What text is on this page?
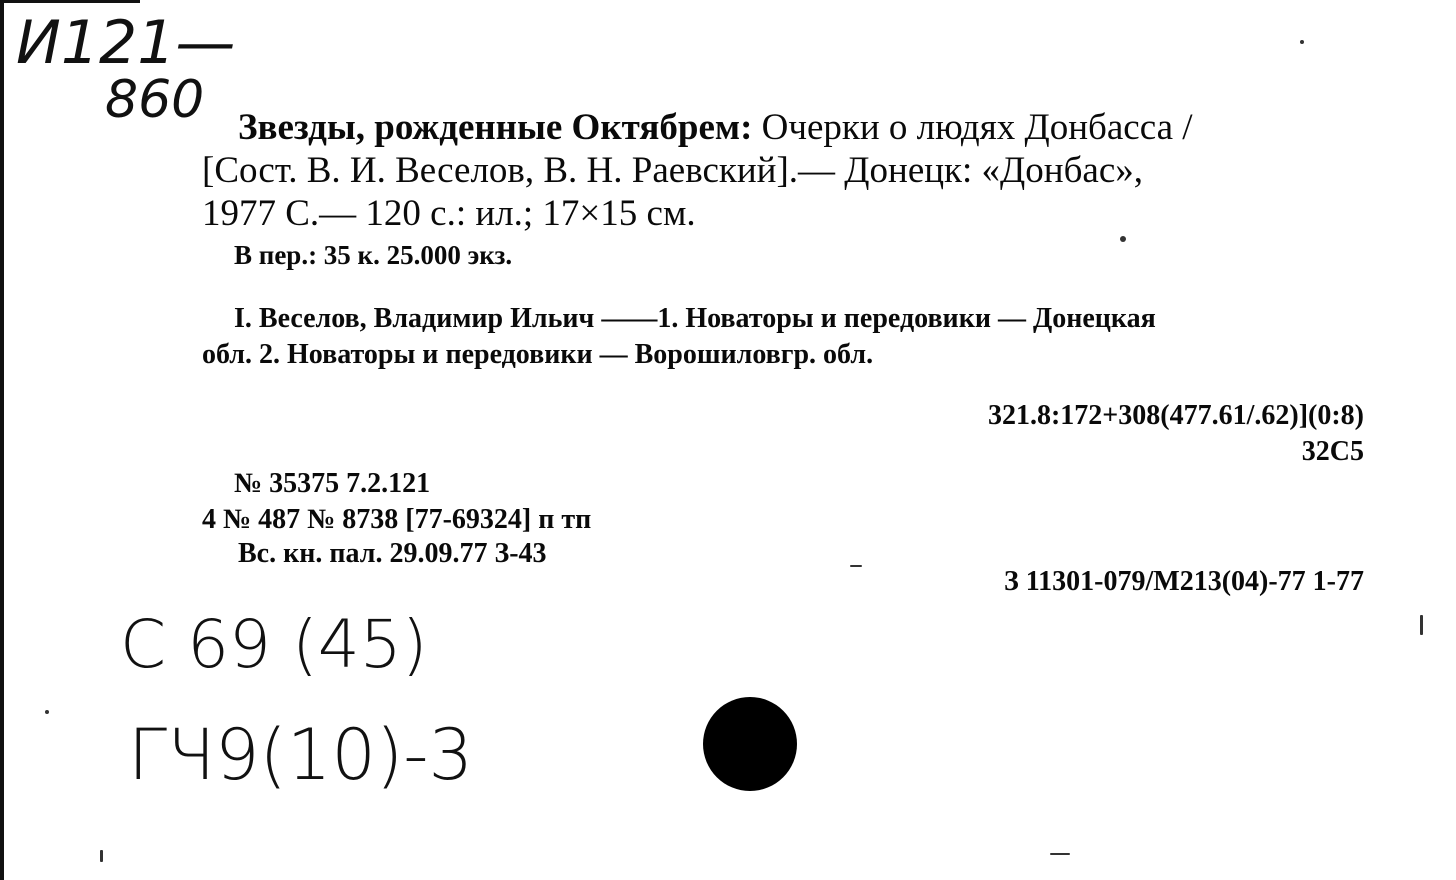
И121—
860 Звезды, рожденные Октябрем: Очерки о людях Донбасса /
[Сост. В. И. Веселов, В. Н. Раевский].— Донецк: «Донбас»,
1977 С.— 120 с.: ил.; 17×15 см.
В пер.: 35 к. 25.000 экз.
I. Веселов, Владимир Ильич ——1. Новаторы и передовики — Донецкая
обл. 2. Новаторы и передовики — Ворошиловгр. обл.
321.8:172+308(477.61/.62)](0:8)
32С5
№ 35375 7.2.121
4 № 487 № 8738 [77-69324] п тп
Вс. кн. пал. 29.09.77 З-43
З 11301-079/М213(04)-77 1-77
С 69 (45)
ГЧ9(10)-3
